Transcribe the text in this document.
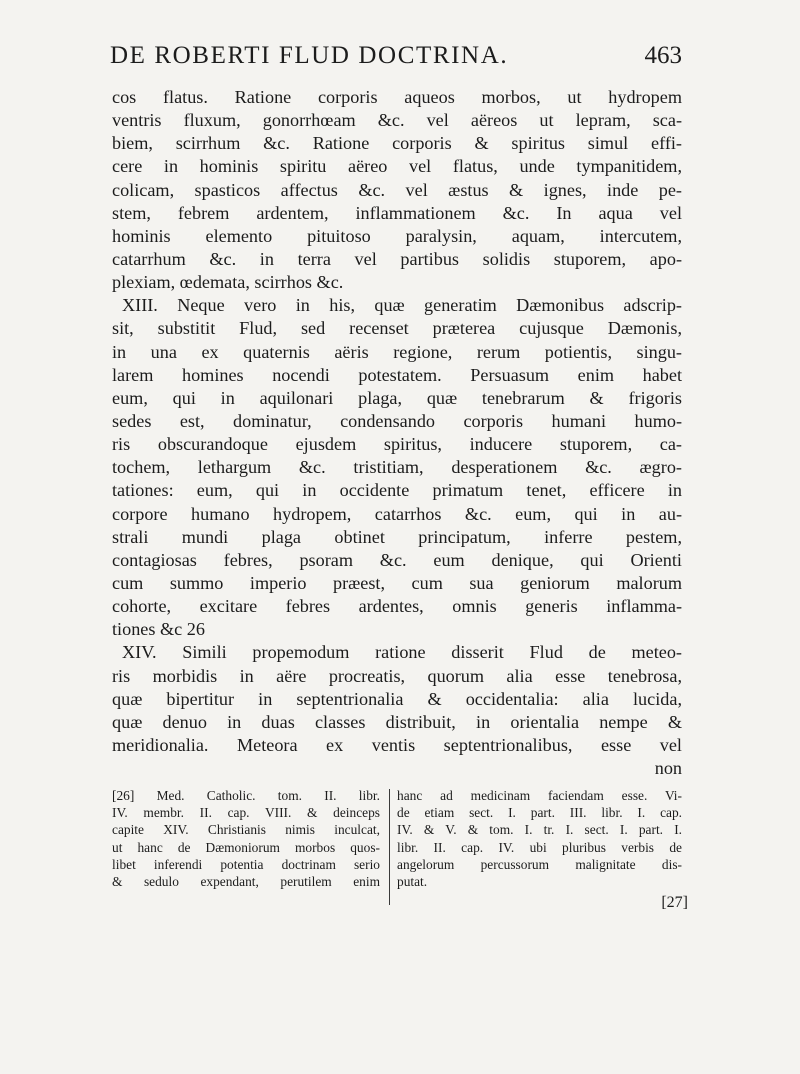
DE ROBERTI FLUD DOCTRINA.	463
cos flatus. Ratione corporis aqueos morbos, ut hydropem
ventris fluxum, gonorrhœam &c. vel aëreos ut lepram, sca-
biem, scirrhum &c. Ratione corporis & spiritus simul effi-
cere in hominis spiritu aëreo vel flatus, unde tympanitidem,
colicam, spasticos affectus &c. vel æstus & ignes, inde pe-
stem, febrem ardentem, inflammationem &c. In aqua vel
hominis elemento pituitoso paralysin, aquam, intercutem,
catarrhum &c. in terra vel partibus solidis stuporem, apo-
plexiam, œdemata, scirrhos &c.
XIII. Neque vero in his, quæ generatim Dæmonibus adscrip-
sit, substitit Flud, sed recenset præterea cujusque Dæmonis,
in una ex quaternis aëris regione, rerum potientis, singu-
larem homines nocendi potestatem. Persuasum enim habet
eum, qui in aquilonari plaga, quæ tenebrarum & frigoris
sedes est, dominatur, condensando corporis humani humo-
ris obscurandoque ejusdem spiritus, inducere stuporem, ca-
tochem, lethargum &c. tristitiam, desperationem &c. ægro-
tationes: eum, qui in occidente primatum tenet, efficere in
corpore humano hydropem, catarrhos &c. eum, qui in au-
strali mundi plaga obtinet principatum, inferre pestem,
contagiosas febres, psoram &c. eum denique, qui Orienti
cum summo imperio præest, cum sua geniorum malorum
cohorte, excitare febres ardentes, omnis generis inflamma-
tiones &c 26
XIV. Simili propemodum ratione disserit Flud de meteo-
ris morbidis in aëre procreatis, quorum alia esse tenebrosa,
quæ bipertitur in septentrionalia & occidentalia: alia lucida,
quæ denuo in duas classes distribuit, in orientalia nempe &
meridionalia. Meteora ex ventis septentrionalibus, esse vel
non
[26] Med. Catholic. tom. II. libr.
IV. membr. II. cap. VIII. & deinceps
capite XIV. Christianis nimis inculcat,
ut hanc de Dæmoniorum morbos quos-
libet inferendi potentia doctrinam serio
& sedulo expendant, perutilem enim
hanc ad medicinam faciendam esse. Vi-
de etiam sect. I. part. III. libr. I. cap.
IV. & V. & tom. I. tr. I. sect. I. part. I.
libr. II. cap. IV. ubi pluribus verbis de
angelorum percussorum malignitate dis-
putat.
[27]
